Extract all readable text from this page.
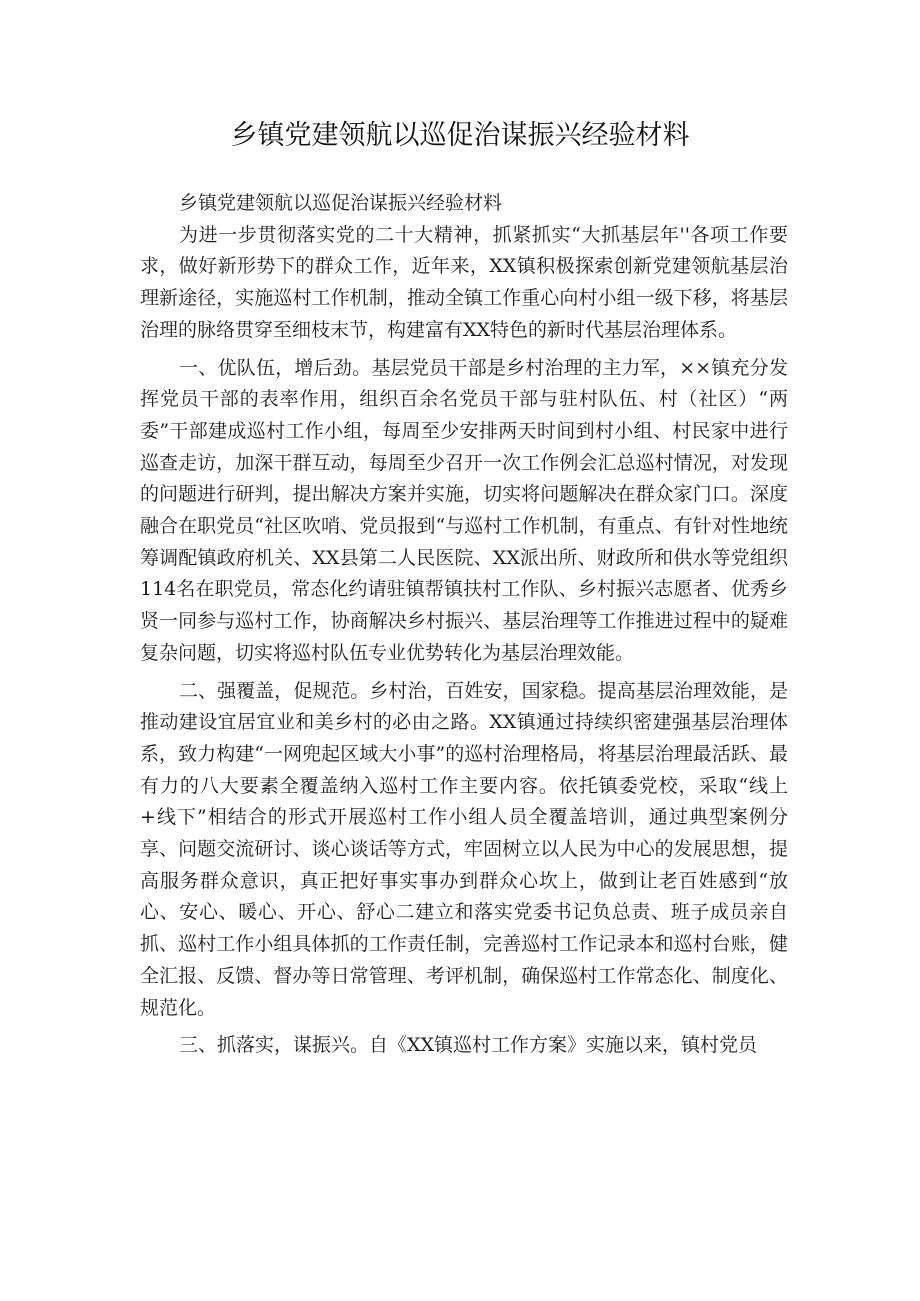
乡镇党建领航以巡促治谋振兴经验材料

乡镇党建领航以巡促治谋振兴经验材料

为进一步贯彻落实党的二十大精神，抓紧抓实“大抓基层年''各项工作要求，做好新形势下的群众工作，近年来，XX镇积极探索创新党建领航基层治理新途径，实施巡村工作机制，推动全镇工作重心向村小组一级下移，将基层治理的脉络贯穿至细枝末节，构建富有XX特色的新时代基层治理体系。

一、优队伍，增后劲。基层党员干部是乡村治理的主力军，××镇充分发挥党员干部的表率作用，组织百余名党员干部与驻村队伍、村（社区）“两委”干部建成巡村工作小组，每周至少安排两天时间到村小组、村民家中进行巡查走访，加深干群互动，每周至少召开一次工作例会汇总巡村情况，对发现的问题进行研判，提出解决方案并实施，切实将问题解决在群众家门口。深度融合在职党员“社区吹哨、党员报到“与巡村工作机制，有重点、有针对性地统筹调配镇政府机关、XX县第二人民医院、XX派出所、财政所和供水等党组织114名在职党员，常态化约请驻镇帮镇扶村工作队、乡村振兴志愿者、优秀乡贤一同参与巡村工作，协商解决乡村振兴、基层治理等工作推进过程中的疑难复杂问题，切实将巡村队伍专业优势转化为基层治理效能。

二、强覆盖，促规范。乡村治，百姓安，国家稳。提高基层治理效能，是推动建设宜居宜业和美乡村的必由之路。XX镇通过持续织密建强基层治理体系，致力构建“一网兜起区域大小事”的巡村治理格局，将基层治理最活跃、最有力的八大要素全覆盖纳入巡村工作主要内容。依托镇委党校，采取“线上+线下”相结合的形式开展巡村工作小组人员全覆盖培训，通过典型案例分享、问题交流研讨、谈心谈话等方式，牢固树立以人民为中心的发展思想，提高服务群众意识，真正把好事实事办到群众心坎上，做到让老百姓感到“放心、安心、暖心、开心、舒心二建立和落实党委书记负总责、班子成员亲自抓、巡村工作小组具体抓的工作责任制，完善巡村工作记录本和巡村台账，健全汇报、反馈、督办等日常管理、考评机制，确保巡村工作常态化、制度化、规范化。

三、抓落实，谋振兴。自《XX镇巡村工作方案》实施以来，镇村党员
